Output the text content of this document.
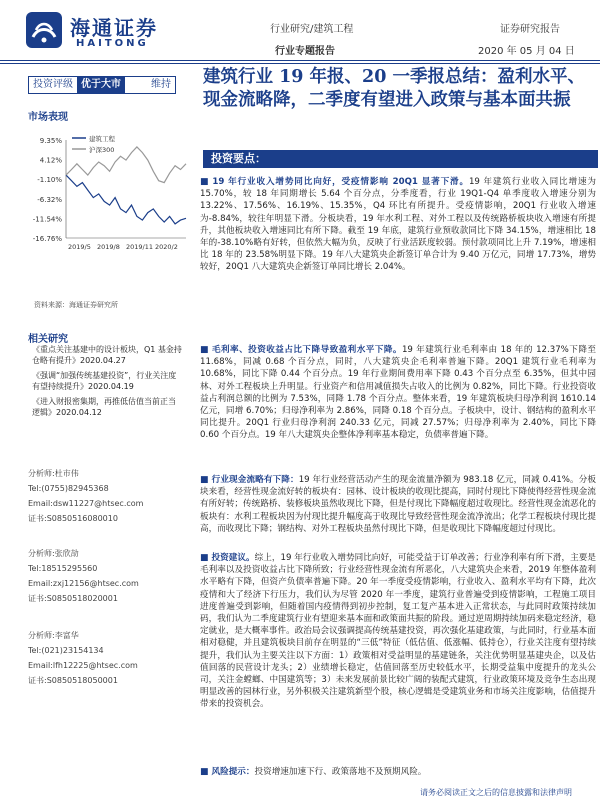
海通证券
HAITONG
行业研究/建筑工程
行业专题报告
证券研究报告
2020 年 05 月 04 日
投资评级 优于大市	维持
市场表现
9.35%
4.12%
-1.10%
-6.32%
-11.54%
-16.76%
2019/5 2019/8 2019/11 2020/2
建筑工程
沪深300
资料来源：海通证券研究所
相关研究
《重点关注基建中的设计板块，Q1 基金持仓略有提升》2020.04.27
《强调“加强传统基建投资”，行业关注度有望持续提升》2020.04.19
《进入财报密集期，再推低估值当前正当逻辑》2020.04.12
分析师:杜市伟
Tel:(0755)82945368
Email:dsw11227@htsec.com
证书:S0850516080010
分析师:张欣劼
Tel:18515295560
Email:zxj12156@htsec.com
证书:S0850518020001
分析师:李富华
Tel:(021)23154134
Email:lfh12225@htsec.com
证书:S0850518050001
建筑行业 19 年报、20 一季报总结：盈利水平、现金流略降，二季度有望进入政策与基本面共振
投资要点：
■ 19 年行业收入增势同比向好，受疫情影响 20Q1 显著下滑。19 年建筑行业收入同比增速为 15.70%，较 18 年同期增长 5.64 个百分点，分季度看，行业 19Q1-Q4 单季度收入增速分别为 13.22%、17.56%、16.19%、15.35%，Q4 环比有所提升。受疫情影响，20Q1 行业收入增速为-8.84%，较往年明显下滑。分板块看，19 年水利工程、对外工程以及传统路桥板块收入增速有所提升，其他板块收入增速同比有所下降。截至 19 年底，建筑行业预收款同比下降 34.15%，增速相比 18 年的-38.10%略有好转，但依然大幅为负，反映了行业活跃度较弱。预付款项同比上升 7.19%，增速相比 18 年的 23.58%明显下降。19 年八大建筑央企新签订单合计为 9.40 万亿元，同增 17.73%，增势较好，20Q1 八大建筑央企新签订单同比增长 2.04%。
■ 毛利率、投资收益占比下降导致盈利水平下降。19 年建筑行业毛利率由 18 年的 12.37%下降至 11.68%，同减 0.68 个百分点，同时，八大建筑央企毛利率普遍下降。20Q1 建筑行业毛利率为 10.68%，同比下降 0.44 个百分点。19 年行业期间费用率下降 0.43 个百分点至 6.35%，但其中园林、对外工程板块上升明显。行业资产和信用减值损失占收入的比例为 0.82%，同比下降。行业投资收益占利润总额的比例为 7.53%，同降 1.78 个百分点。整体来看，19 年建筑板块归母净利润 1610.14 亿元，同增 6.70%；归母净利率为 2.86%，同降 0.18 个百分点。子板块中，设计、钢结构的盈利水平同比提升。20Q1 行业归母净利润 240.33 亿元，同减 27.57%；归母净利率为 2.40%，同比下降 0.60 个百分点。19 年八大建筑央企整体净利率基本稳定，负债率普遍下降。
■ 行业现金流略有下降：19 年行业经营活动产生的现金流量净额为 983.18 亿元，同减 0.41%。分板块来看，经营性现金流好转的板块有：园林、设计板块的收现比提高，同时付现比下降使得经营性现金流有所好转；传统路桥、装修板块虽然收现比下降，但是付现比下降幅度超过收现比。经营性现金流恶化的板块有：水利工程板块因为付现比提升幅度高于收现比导致经营性现金流净流出；化学工程板块付现比提高，而收现比下降；钢结构、对外工程板块虽然付现比下降，但是收现比下降幅度超过付现比。
■ 投资建议。综上，19 年行业收入增势同比向好，可能受益于订单改善；行业净利率有所下滑，主要是毛利率以及投资收益占比下降所致；行业经营性现金流有所恶化，八大建筑央企来看，2019 年整体盈利水平略有下降，但资产负债率普遍下降。20 年一季度受疫情影响，行业收入、盈利水平均有下降，此次疫情和大了经济下行压力，我们认为尽管 2020 年一季度，建筑行业普遍受到疫情影响，工程施工项目进度普遍受到影响，但随着国内疫情得到初步控制，复工复产基本进入正常状态，与此同时政策持续加码，我们认为二季度建筑行业有望迎来基本面和政策面共振的阶段。通过逆周期持续加码来稳定经济，稳定就业，是大概率事件。政治局会议强调提高传统基建投资，再次强化基建政策，与此同时，行业基本面相对稳健，并且建筑板块目前存在明显的“三低”特征（低估值、低涨幅、低持仓），行业关注度有望持续提升，我们认为主要关注以下方面：1）政策相对受益明显的基建链条，关注优势明显基建央企，以及估值回落的民营设计龙头；2）业绩增长稳定，估值回落至历史较低水平，长期受益集中度提升的龙头公司，关注金螳螂、中国建筑等；3）未来发展前景比较广阔的装配式建筑，行业政策环境及竞争生态出现明显改善的园林行业，另外积极关注建筑新型个股，核心逻辑是受建筑业务和市场关注度影响，估值提升带来的投资机会。
■ 风险提示：投资增速加速下行、政策落地不及预期风险。
请务必阅读正文之后的信息披露和法律声明
